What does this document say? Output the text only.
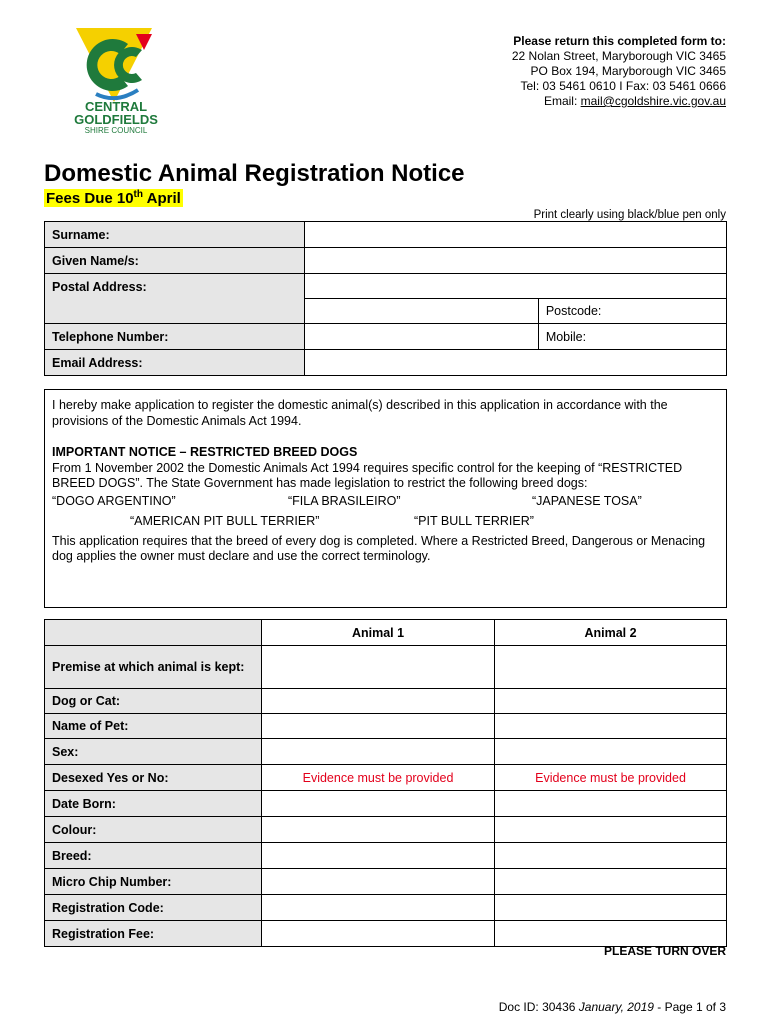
CENTRAL
GOLDFIELDS
SHIRE COUNCIL
Please return this completed form to:
22 Nolan Street, Maryborough VIC 3465
PO Box 194, Maryborough VIC 3465
Tel: 03 5461 0610 I Fax: 03 5461 0666
Email: mail@cgoldshire.vic.gov.au
Domestic Animal Registration Notice
Fees Due 10th April
Print clearly using black/blue pen only
Surname:		
Given Name/s:		
Postal Address:		
		Postcode:
Telephone Number:		Mobile:
Email Address:		

I hereby make application to register the domestic animal(s) described in this application in accordance with the provisions of the Domestic Animals Act 1994.

IMPORTANT NOTICE – RESTRICTED BREED DOGS

From 1 November 2002 the Domestic Animals Act 1994 requires specific control for the keeping of “RESTRICTED BREED DOGS”. The State Government has made legislation to restrict the following breed dogs:

“DOGO ARGENTINO”	“FILA BRASILEIRO”	“JAPANESE TOSA”
“AMERICAN PIT BULL TERRIER”	“PIT BULL TERRIER”

This application requires that the breed of every dog is completed. Where a Restricted Breed, Dangerous or Menacing dog applies the owner must declare and use the correct terminology.

	Animal 1	Animal 2
Premise at which animal is kept:		
Dog or Cat:		
Name of Pet:		
Sex:		
Desexed Yes or No:	Evidence must be provided	Evidence must be provided
Date Born:		
Colour:		
Breed:		
Micro Chip Number:		
Registration Code:		
Registration Fee:		
PLEASE TURN OVER
Doc ID: 30436 January, 2019 - Page 1 of 3
